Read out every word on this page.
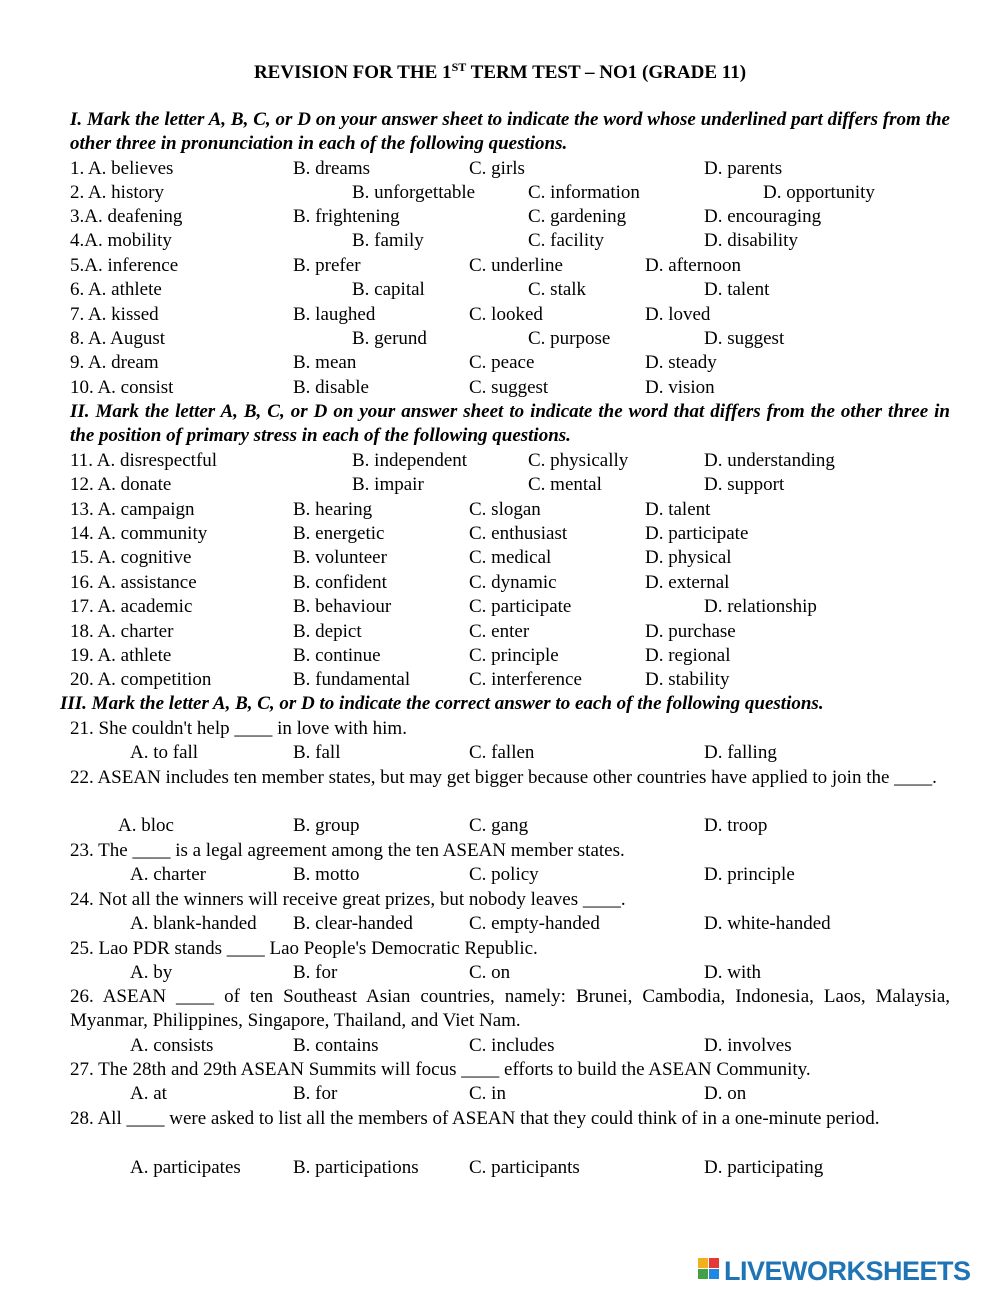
REVISION FOR THE 1ST TERM TEST – NO1 (GRADE 11)
I. Mark the letter A, B, C, or D on your answer sheet to indicate the word whose underlined part differs from the other three in pronunciation in each of the following questions.
II. Mark the letter A, B, C, or D on your answer sheet to indicate the word that differs from the other three in the position of primary stress in each of the following questions.
III. Mark the letter A, B, C, or D to indicate the correct answer to each of the following questions.
1. A. believes	B. dreams	C. girls	D. parents
2. A. history	B. unforgettable	C. information	D. opportunity
3.A. deafening	B. frightening	C. gardening	D. encouraging
4.A. mobility	B. family	C. facility	D. disability
5.A. inference	B. prefer	C. underline	D. afternoon
6. A. athlete	B. capital	C. stalk	D. talent
7. A. kissed	B. laughed	C. looked	D. loved
8. A. August	B. gerund	C. purpose	D. suggest
9. A. dream	B. mean	C. peace	D. steady
10. A. consist	B. disable	C. suggest	D. vision
11. A. disrespectful	B. independent	C. physically	D. understanding
12. A. donate	B. impair	C. mental	D. support
13. A. campaign	B. hearing	C. slogan	D. talent
14. A. community	B. energetic	C. enthusiast	D. participate
15. A. cognitive	B. volunteer	C. medical	D. physical
16. A. assistance	B. confident	C. dynamic	D. external
17. A. academic	B. behaviour	C. participate	D. relationship
18. A. charter	B. depict	C. enter	D. purchase
19. A. athlete	B. continue	C. principle	D. regional
20. A. competition	B. fundamental	C. interference	D. stability
A. to fall	B. fall	C. fallen	D. falling
A. bloc	B. group	C. gang	D. troop
A. charter	B. motto	C. policy	D. principle
A. blank-handed B. clear-handed	C. empty-handed	D. white-handed
A. by	B. for	C. on	D. with
A. consists	B. contains	C. includes	D. involves
A. at	B. for	C. in	D. on
A. participates	B. participations	C. participants	D. participating
21. She couldn't help ____ in love with him.
22. ASEAN includes ten member states, but may get bigger because other countries have applied to join the ____.
23. The ____ is a legal agreement among the ten ASEAN member states.
24. Not all the winners will receive great prizes, but nobody leaves ____.
25. Lao PDR stands ____ Lao People's Democratic Republic.
26. ASEAN ____ of ten Southeast Asian countries, namely: Brunei, Cambodia, Indonesia, Laos, Malaysia, Myanmar, Philippines, Singapore, Thailand, and Viet Nam.
27. The 28th and 29th ASEAN Summits will focus ____ efforts to build the ASEAN Community.
28. All ____ were asked to list all the members of ASEAN that they could think of in a one-minute period.
LIVEWORKSHEETS
